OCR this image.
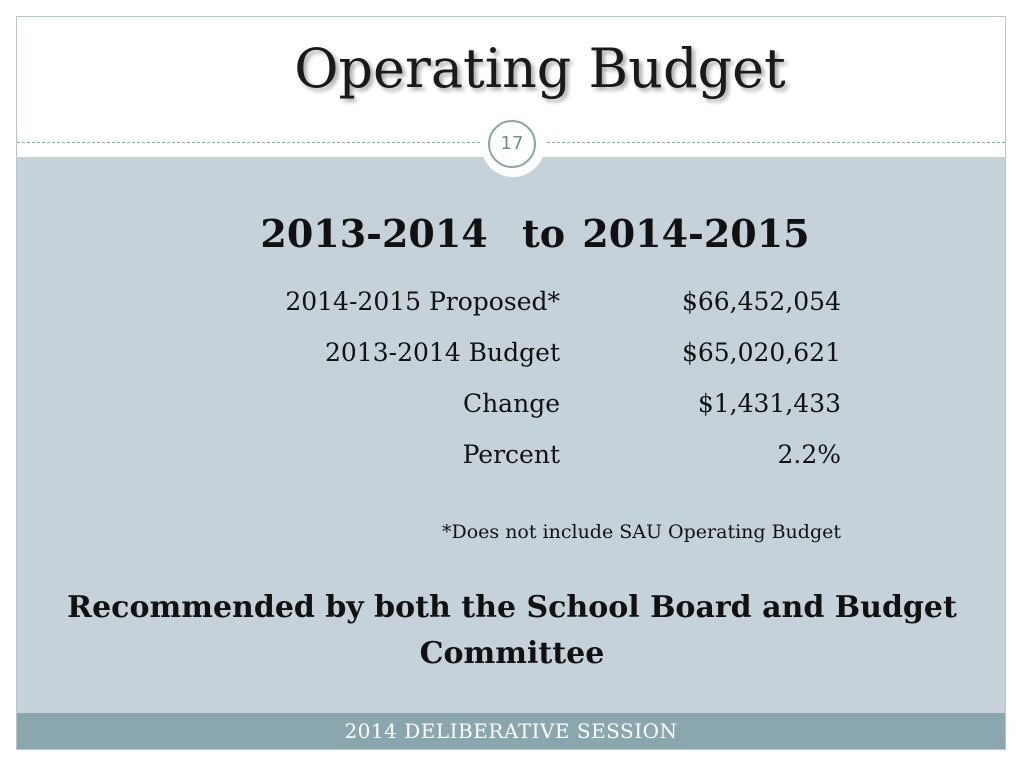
Operating Budget
2013-2014  to 2014-2015
2014-2015 Proposed*	$66,452,054
2013-2014 Budget	$65,020,621
Change	$1,431,433
Percent	2.2%
*Does not include SAU Operating Budget
Recommended by both the School Board and Budget Committee
17
2014 DELIBERATIVE SESSION
